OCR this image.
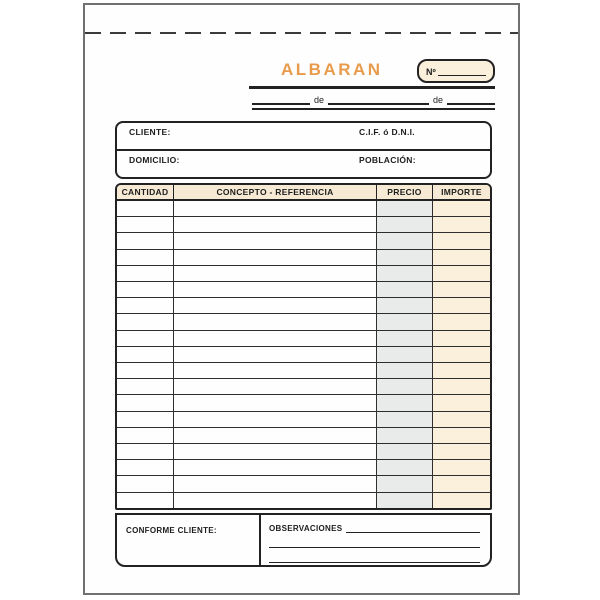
ALBARAN	Nº
de	de
CLIENTE:	C.I.F. ó D.N.I.
DOMICILIO:	POBLACIÓN:
CANTIDAD	CONCEPTO - REFERENCIA	PRECIO	IMPORTE
CONFORME CLIENTE:	OBSERVACIONES
